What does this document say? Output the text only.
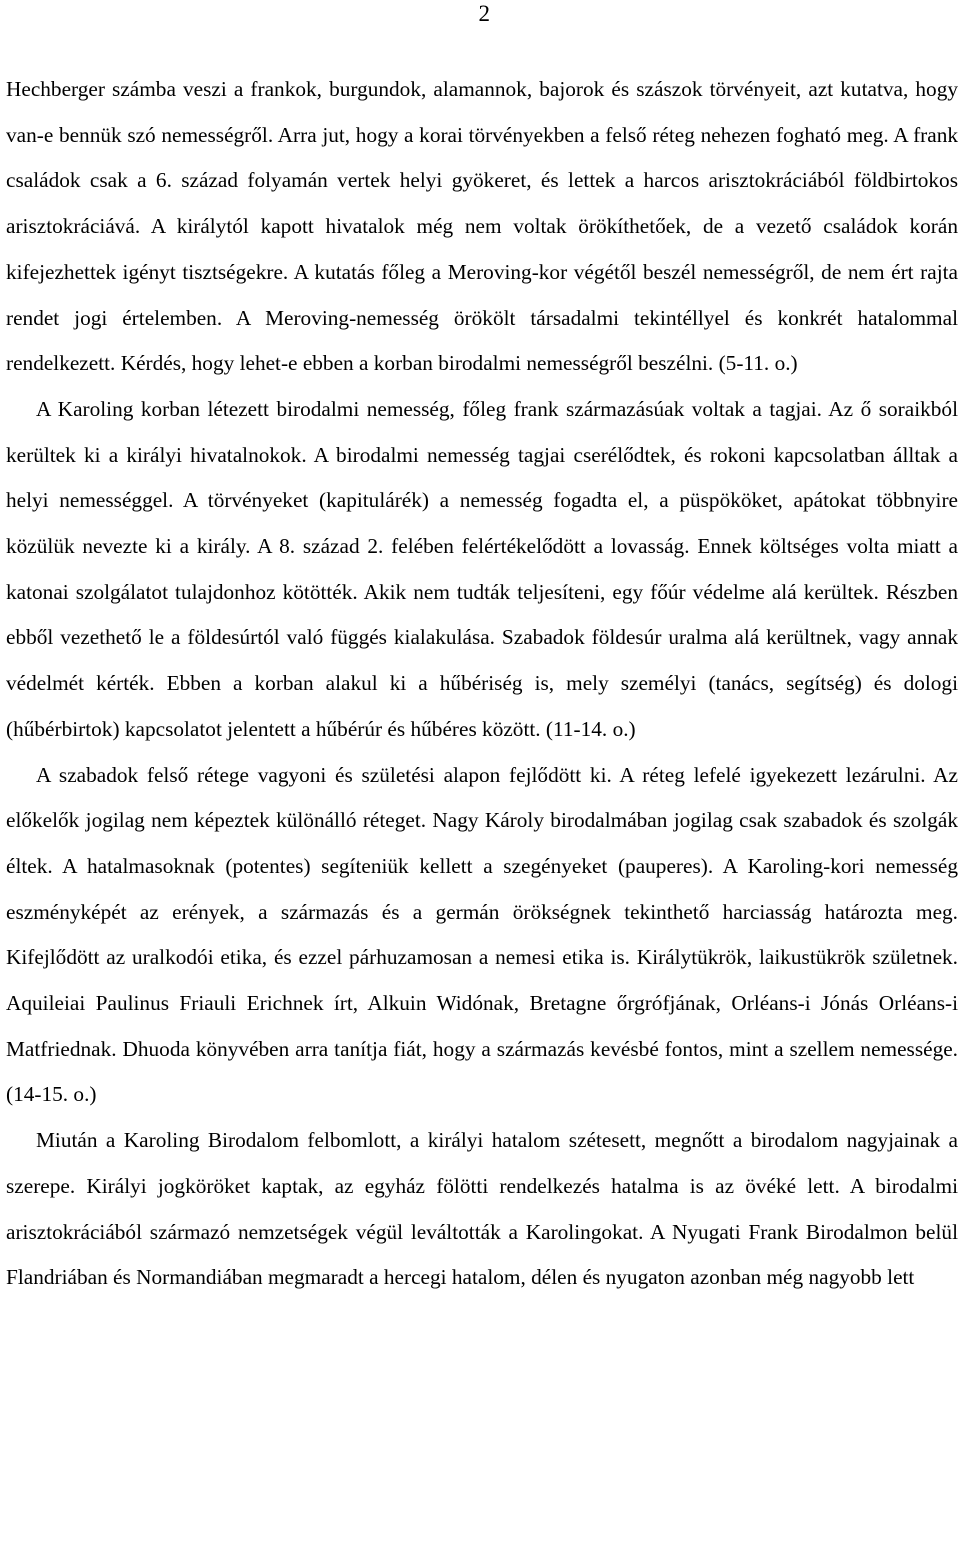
2

Hechberger számba veszi a frankok, burgundok, alamannok, bajorok és szászok törvényeit, azt kutatva, hogy van-e bennük szó nemességről. Arra jut, hogy a korai törvényekben a felső réteg nehezen fogható meg. A frank családok csak a 6. század folyamán vertek helyi gyökeret, és lettek a harcos arisztokráciából földbirtokos arisztokráciává. A királytól kapott hivatalok még nem voltak örökíthetőek, de a vezető családok korán kifejezhettek igényt tisztségekre. A kutatás főleg a Meroving-kor végétől beszél nemességről, de nem ért rajta rendet jogi értelemben. A Meroving-nemesség örökölt társadalmi tekintéllyel és konkrét hatalommal rendelkezett. Kérdés, hogy lehet-e ebben a korban birodalmi nemességről beszélni. (5-11. o.)

A Karoling korban létezett birodalmi nemesség, főleg frank származásúak voltak a tagjai. Az ő soraikból kerültek ki a királyi hivatalnokok. A birodalmi nemesség tagjai cserélődtek, és rokoni kapcsolatban álltak a helyi nemességgel. A törvényeket (kapitulárék) a nemesség fogadta el, a püspököket, apátokat többnyire közülük nevezte ki a király. A 8. század 2. felében felértékelődött a lovasság. Ennek költséges volta miatt a katonai szolgálatot tulajdonhoz kötötték. Akik nem tudták teljesíteni, egy főúr védelme alá kerültek. Részben ebből vezethető le a földesúrtól való függés kialakulása. Szabadok földesúr uralma alá kerültnek, vagy annak védelmét kérték. Ebben a korban alakul ki a hűbériség is, mely személyi (tanács, segítség) és dologi (hűbérbirtok) kapcsolatot jelentett a hűbérúr és hűbéres között. (11-14. o.)

A szabadok felső rétege vagyoni és születési alapon fejlődött ki. A réteg lefelé igyekezett lezárulni. Az előkelők jogilag nem képeztek különálló réteget. Nagy Károly birodalmában jogilag csak szabadok és szolgák éltek. A hatalmasoknak (potentes) segíteniük kellett a szegényeket (pauperes). A Karoling-kori nemesség eszményképét az erények, a származás és a germán örökségnek tekinthető harciasság határozta meg. Kifejlődött az uralkodói etika, és ezzel párhuzamosan a nemesi etika is. Királytükrök, laikustükrök születnek. Aquileiai Paulinus Friauli Erichnek írt, Alkuin Widónak, Bretagne őrgrófjának, Orléans-i Jónás Orléans-i Matfriednak. Dhuoda könyvében arra tanítja fiát, hogy a származás kevésbé fontos, mint a szellem nemessége. (14-15. o.)

Miután a Karoling Birodalom felbomlott, a királyi hatalom szétesett, megnőtt a birodalom nagyjainak a szerepe. Királyi jogköröket kaptak, az egyház fölötti rendelkezés hatalma is az övéké lett. A birodalmi arisztokráciából származó nemzetségek végül leváltották a Karolingokat. A Nyugati Frank Birodalmon belül Flandriában és Normandiában megmaradt a hercegi hatalom, délen és nyugaton azonban még nagyobb lett
